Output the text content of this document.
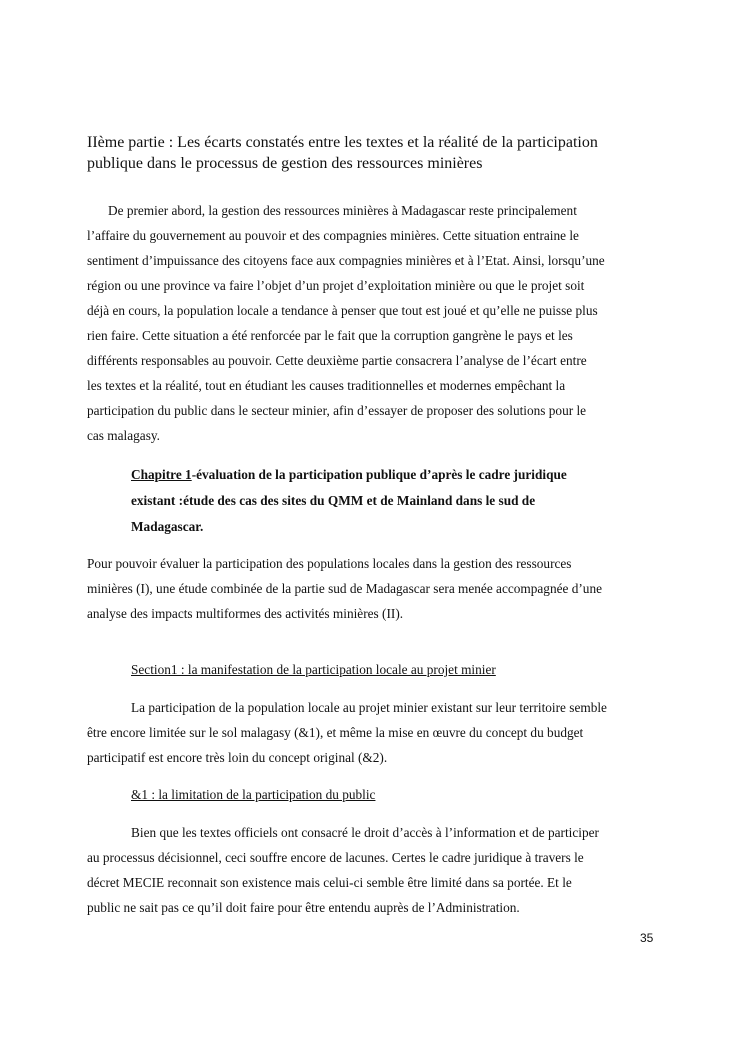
IIème partie : Les écarts constatés entre les textes et la réalité de la participation
publique dans le processus de gestion des ressources minières
De premier abord, la gestion des ressources minières à Madagascar reste principalement
l’affaire du gouvernement au pouvoir et des compagnies minières. Cette situation entraine le
sentiment d’impuissance des citoyens face aux compagnies minières et à l’Etat. Ainsi, lorsqu’une
région ou une province va faire l’objet d’un projet d’exploitation minière ou que le projet soit
déjà en cours, la population locale a tendance à penser que tout est joué et qu’elle ne puisse plus
rien faire. Cette situation a été renforcée par le fait que la corruption gangrène le pays et les
différents responsables au pouvoir. Cette deuxième partie consacrera l’analyse de l’écart entre
les textes et la réalité, tout en étudiant les causes traditionnelles et modernes empêchant la
participation du public dans le secteur minier, afin d’essayer de proposer des solutions pour le
cas malagasy.
Chapitre 1-évaluation de la participation publique d’après le cadre juridique
existant :étude des cas des sites du QMM et de Mainland dans le sud de
Madagascar.
Pour pouvoir évaluer la participation des populations locales dans la gestion des ressources
minières (I), une étude combinée de la partie sud de Madagascar sera menée accompagnée d’une
analyse des impacts multiformes des activités minières (II).
Section1 : la manifestation de la participation locale au projet minier
La participation de la population locale au projet minier existant sur leur territoire semble
être encore limitée sur le sol malagasy (&1), et même la mise en œuvre du concept du budget
participatif est encore très loin du concept original (&2).
&1 : la limitation de la participation du public
Bien que les textes officiels ont consacré le droit d’accès à l’information et de participer
au processus décisionnel, ceci souffre encore de lacunes. Certes le cadre juridique à travers le
décret MECIE reconnait son existence mais celui-ci semble être limité dans sa portée. Et le
public ne sait pas ce qu’il doit faire pour être entendu auprès de l’Administration.
35
